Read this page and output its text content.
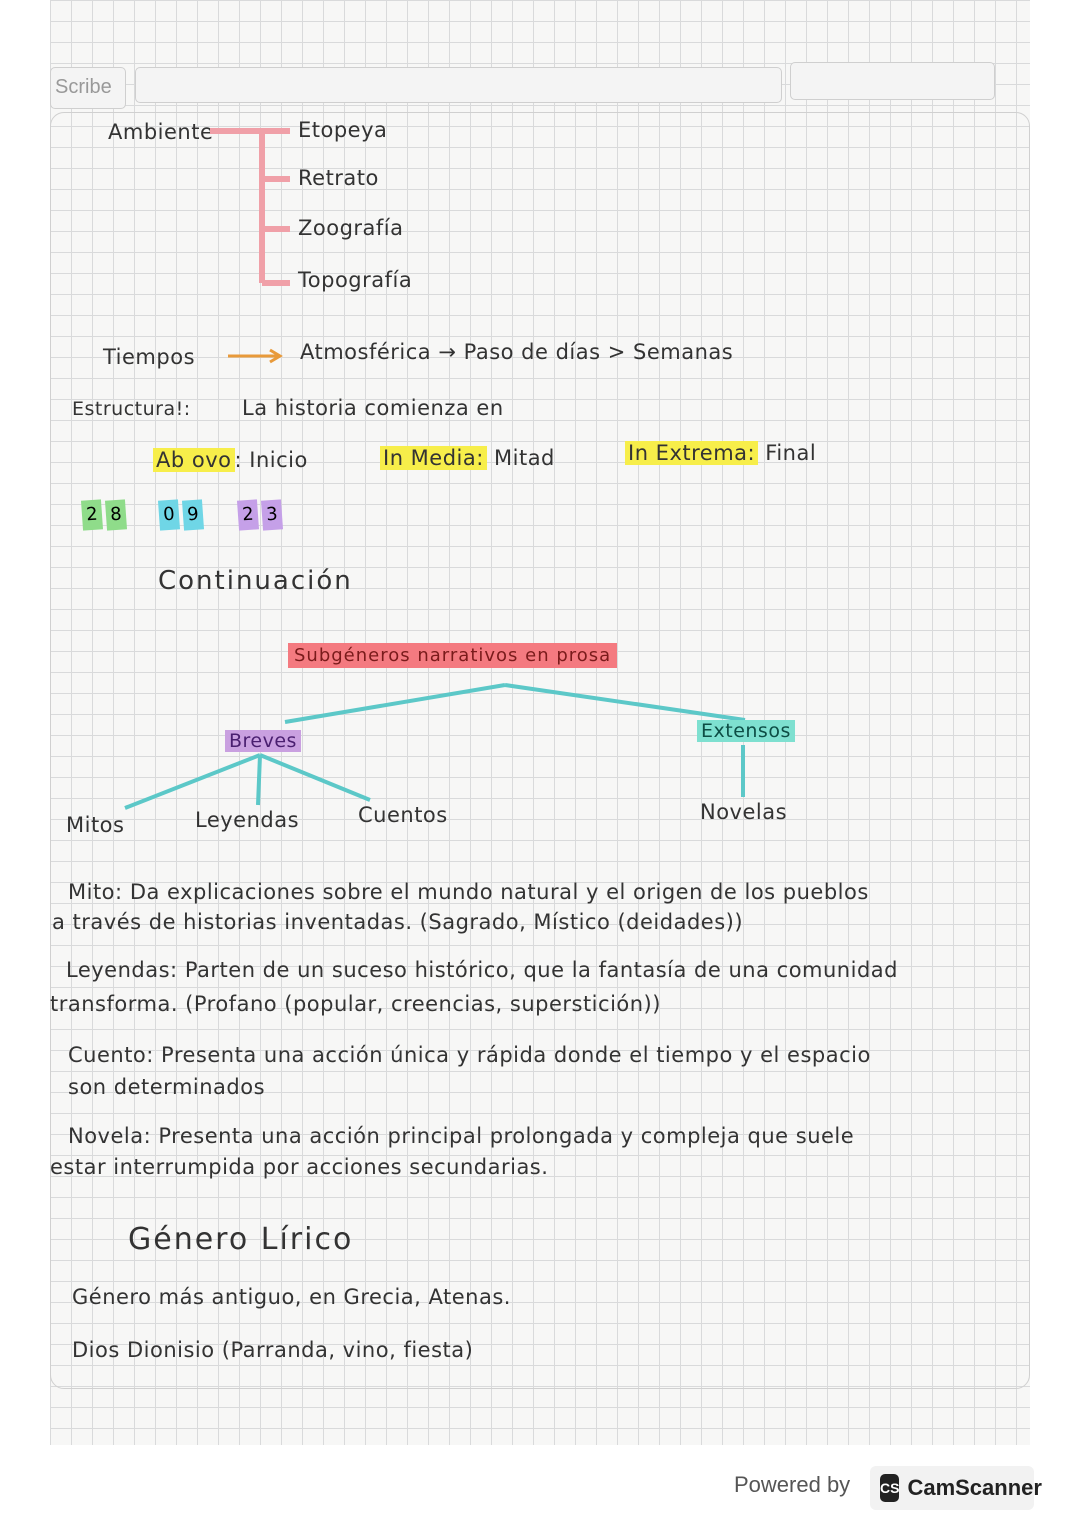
Scribe
Ambiente	Etopeya
Retrato
Zoografía
Topografía
Tiempos	Atmosférica → Paso de días > Semanas
Estructura!: La historia comienza en
Ab ovo : Inicio	In Media: Mitad	In Extrema: Final
2 8 0 9 2 3
Continuación
Subgéneros narrativos en prosa
Breves	Extensos
Mitos	Leyendas	Cuentos	Novelas
Mito: Da explicaciones sobre el mundo natural y el origen de los pueblos
a través de historias inventadas. (Sagrado, Místico (deidades))
Leyendas: Parten de un suceso histórico, que la fantasía de una comunidad
transforma. (Profano (popular, creencias, superstición))
Cuento: Presenta una acción única y rápida donde el tiempo y el espacio
son determinados
Novela: Presenta una acción principal prolongada y compleja que suele
estar interrumpida por acciones secundarias.
Género Lírico
Género más antiguo, en Grecia, Atenas.
Dios Dionisio (Parranda, vino, fiesta)
Powered by CS CamScanner
